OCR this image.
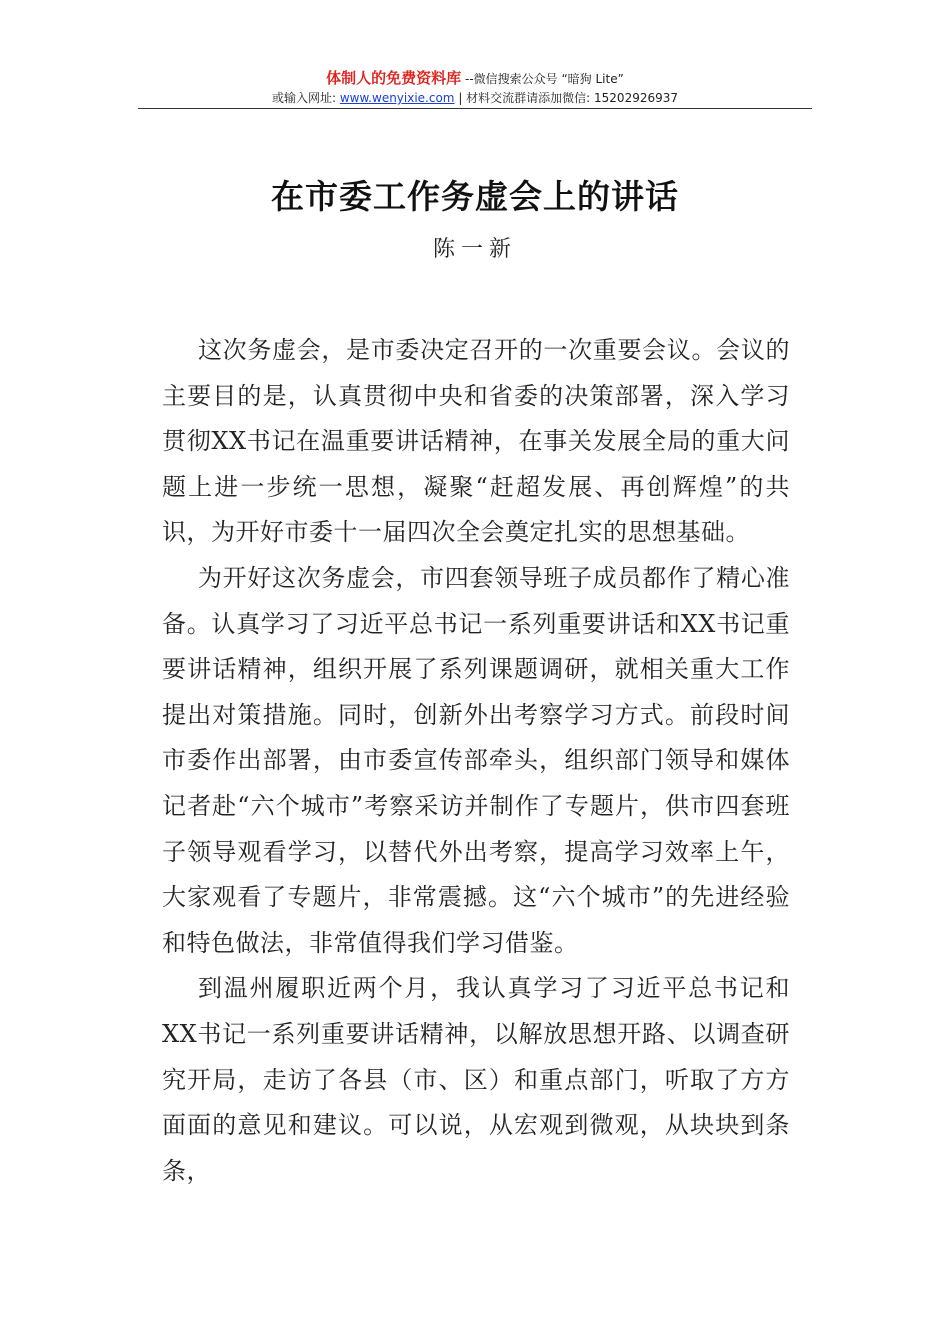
体制人的免费资料库 --微信搜索公众号 “暗狗 Lite”
或输入网址: www.wenyixie.com | 材料交流群请添加微信: 15202926937
在市委工作务虚会上的讲话
陈一新

这次务虚会，是市委决定召开的一次重要会议。会议的主要目的是，认真贯彻中央和省委的决策部署，深入学习贯彻XX书记在温重要讲话精神，在事关发展全局的重大问题上进一步统一思想，凝聚“赶超发展、再创辉煌”的共识，为开好市委十一届四次全会奠定扎实的思想基础。

为开好这次务虚会，市四套领导班子成员都作了精心准备。认真学习了习近平总书记一系列重要讲话和XX书记重要讲话精神，组织开展了系列课题调研，就相关重大工作提出对策措施。同时，创新外出考察学习方式。前段时间市委作出部署，由市委宣传部牵头，组织部门领导和媒体记者赴“六个城市”考察采访并制作了专题片，供市四套班子领导观看学习，以替代外出考察，提高学习效率上午，大家观看了专题片，非常震撼。这“六个城市”的先进经验和特色做法，非常值得我们学习借鉴。

到温州履职近两个月，我认真学习了习近平总书记和XX书记一系列重要讲话精神，以解放思想开路、以调查研究开局，走访了各县（市、区）和重点部门，听取了方方面面的意见和建议。可以说，从宏观到微观，从块块到条条，
